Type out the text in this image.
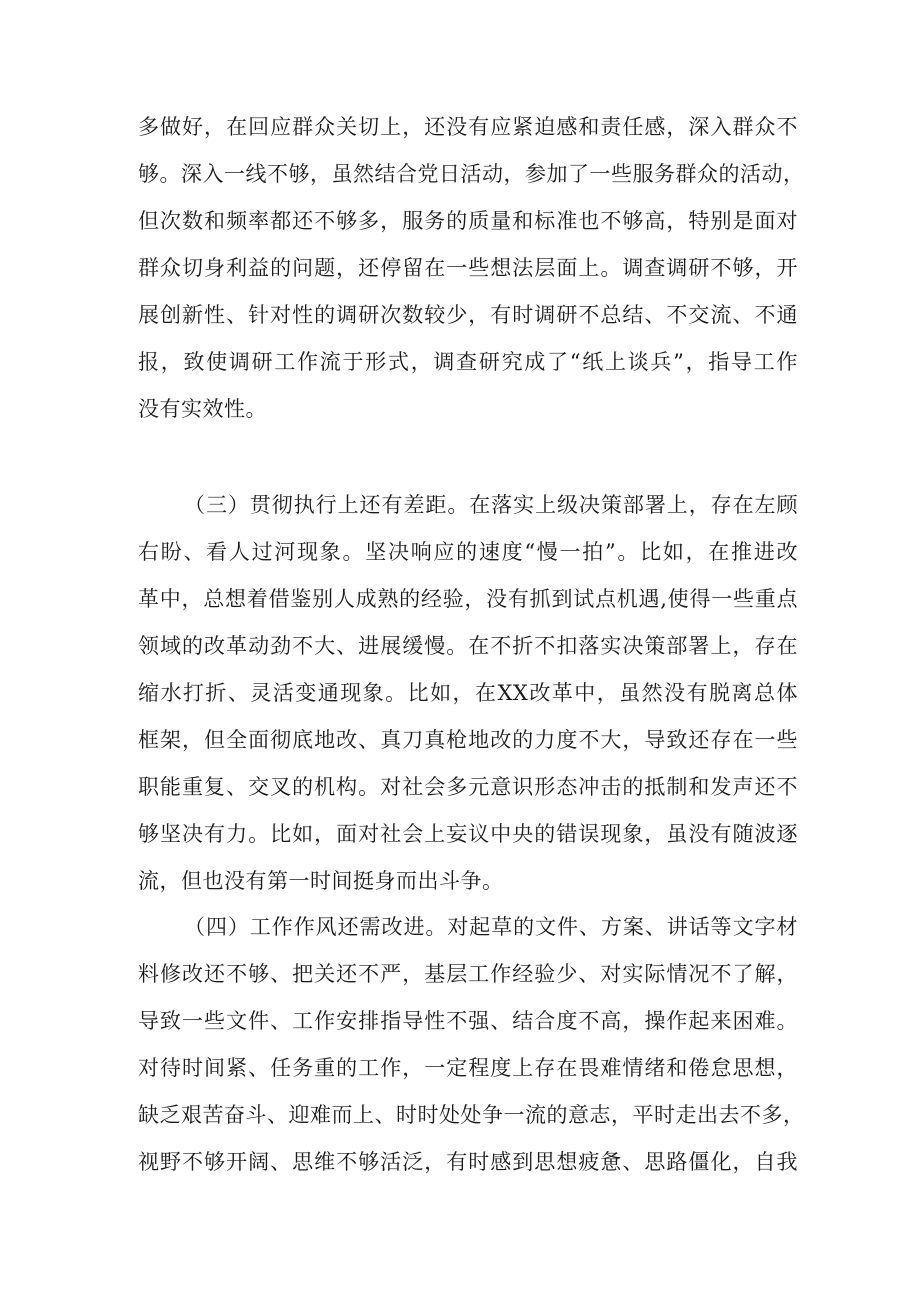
多做好，在回应群众关切上，还没有应紧迫感和责任感，深入群众不
够。深入一线不够，虽然结合党日活动，参加了一些服务群众的活动，
但次数和频率都还不够多，服务的质量和标准也不够高，特别是面对
群众切身利益的问题，还停留在一些想法层面上。调查调研不够，开
展创新性、针对性的调研次数较少，有时调研不总结、不交流、不通
报，致使调研工作流于形式，调查研究成了“纸上谈兵”，指导工作
没有实效性。
（三）贯彻执行上还有差距。在落实上级决策部署上，存在左顾
右盼、看人过河现象。坚决响应的速度“慢一拍”。比如，在推进改
革中，总想着借鉴别人成熟的经验，没有抓到试点机遇,使得一些重点
领域的改革动劲不大、进展缓慢。在不折不扣落实决策部署上，存在
缩水打折、灵活变通现象。比如，在XX改革中，虽然没有脱离总体
框架，但全面彻底地改、真刀真枪地改的力度不大，导致还存在一些
职能重复、交叉的机构。对社会多元意识形态冲击的抵制和发声还不
够坚决有力。比如，面对社会上妄议中央的错误现象，虽没有随波逐
流，但也没有第一时间挺身而出斗争。
（四）工作作风还需改进。对起草的文件、方案、讲话等文字材
料修改还不够、把关还不严，基层工作经验少、对实际情况不了解，
导致一些文件、工作安排指导性不强、结合度不高，操作起来困难。
对待时间紧、任务重的工作，一定程度上存在畏难情绪和倦怠思想，
缺乏艰苦奋斗、迎难而上、时时处处争一流的意志，平时走出去不多，
视野不够开阔、思维不够活泛，有时感到思想疲惫、思路僵化，自我
